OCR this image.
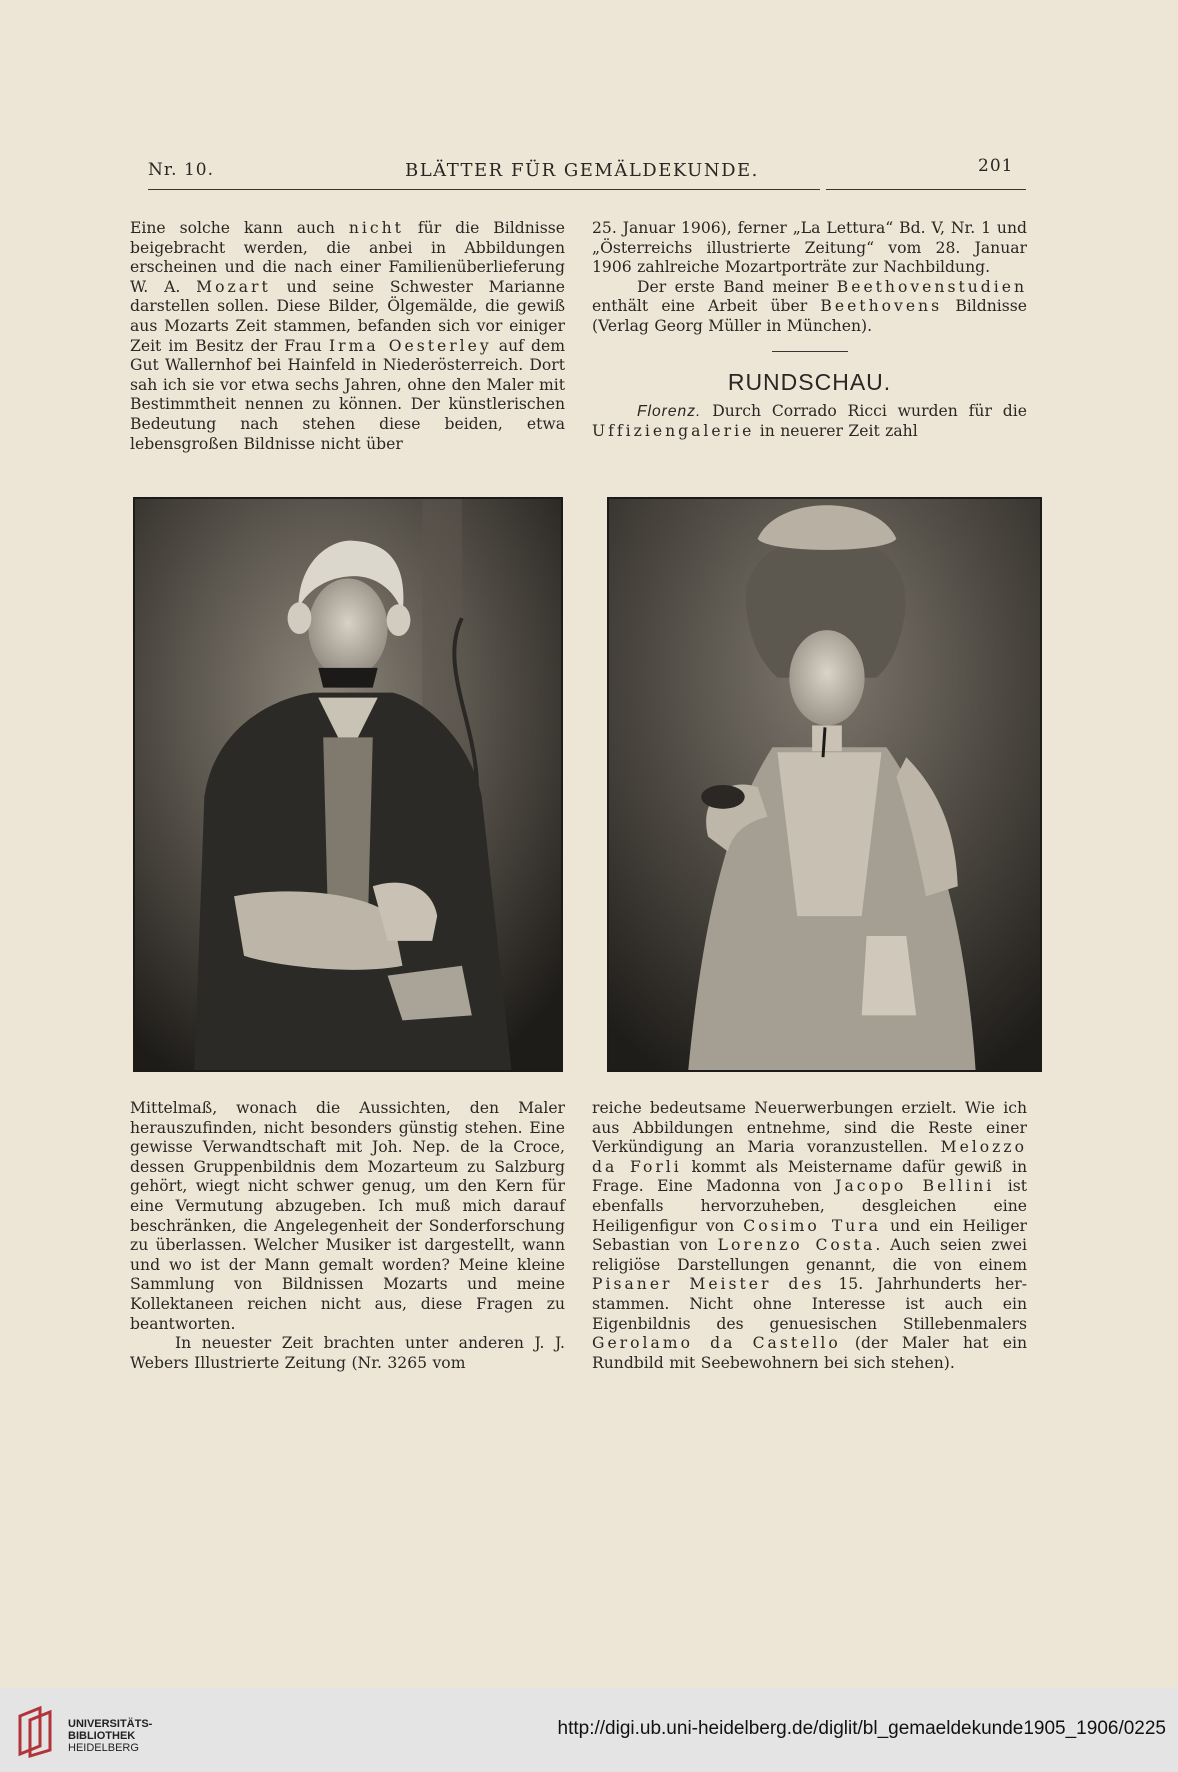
Nr. 10.	BLÄTTER FÜR GEMÄLDEKUNDE.	201

Eine solche kann auch nicht für die Bildnisse beigebracht werden, die anbei in Abbildungen erscheinen und die nach einer Familienüberlieferung W. A. Mozart und seine Schwester Marianne darstellen sollen. Diese Bilder, Ölgemälde, die gewiß aus Mozarts Zeit stammen, befanden sich vor einiger Zeit im Besitz der Frau Irma Oesterley auf dem Gut Wallernhof bei Hainfeld in Niederösterreich. Dort sah ich sie vor etwa sechs Jahren, ohne den Maler mit Bestimmtheit nennen zu können. Der künstlerischen Bedeutung nach stehen diese beiden, etwa lebensgroßen Bildnisse nicht über

25. Januar 1906), ferner „La Lettura“ Bd. V, Nr. 1 und „Österreichs illustrierte Zeitung“ vom 28. Januar 1906 zahlreiche Mozartporträte zur Nachbildung.

Der erste Band meiner Beethovenstudien enthält eine Arbeit über Beethovens Bildnisse (Verlag Georg Müller in München).

RUNDSCHAU.

Florenz. Durch Corrado Ricci wurden für die Uffiziengalerie in neuerer Zeit zahl

Mittelmaß, wonach die Aussichten, den Maler herauszufinden, nicht besonders günstig stehen. Eine gewisse Verwandtschaft mit Joh. Nep. de la Croce, dessen Gruppenbildnis dem Mozarteum zu Salzburg gehört, wiegt nicht schwer genug, um den Kern für eine Vermutung abzugeben. Ich muß mich darauf beschränken, die Angelegenheit der Sonderforschung zu überlassen. Welcher Musiker ist dargestellt, wann und wo ist der Mann gemalt worden? Meine kleine Sammlung von Bildnissen Mozarts und meine Kollektaneen reichen nicht aus, diese Fragen zu beantworten.

In neuester Zeit brachten unter anderen J. J. Webers Illustrierte Zeitung (Nr. 3265 vom

reiche bedeutsame Neuerwerbungen erzielt. Wie ich aus Abbildungen entnehme, sind die Reste einer Verkündigung an Maria voranzustellen. Melozzo da Forli kommt als Meistername dafür gewiß in Frage. Eine Madonna von Jacopo Bellini ist ebenfalls hervorzuheben, desgleichen eine Heiligenfigur von Cosimo Tura und ein Heiliger Sebastian von Lorenzo Costa. Auch seien zwei religiöse Darstellungen genannt, die von einem Pisaner Meister des 15. Jahrhunderts herstammen. Nicht ohne Interesse ist auch ein Eigenbildnis des genuesischen Stillebenmalers Gerolamo da Castello (der Maler hat ein Rundbild mit Seebewohnern bei sich stehen).

UNIVERSITÄTS-
BIBLIOTHEK
HEIDELBERG
http://digi.ub.uni-heidelberg.de/diglit/bl_gemaeldekunde1905_1906/0225
